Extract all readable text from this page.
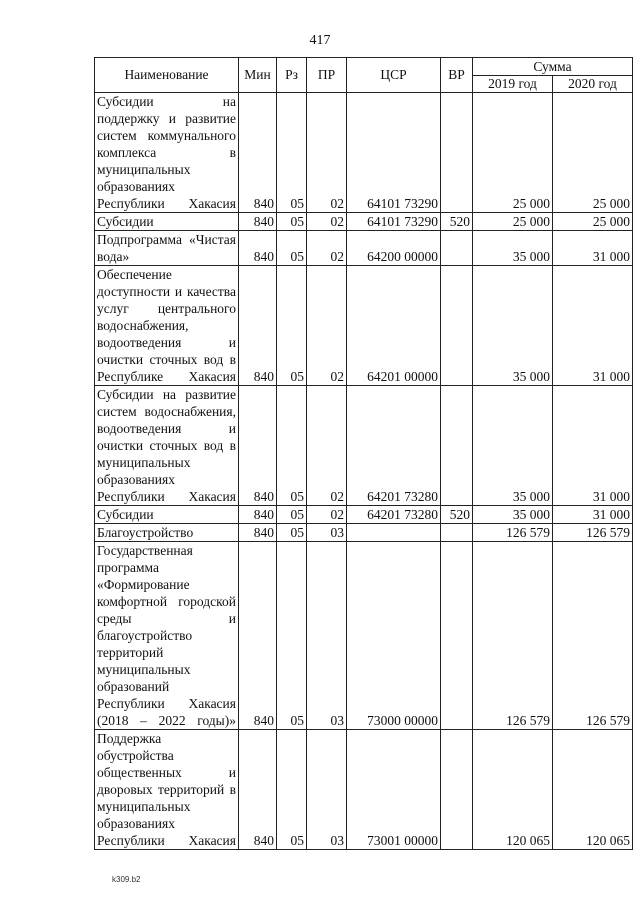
417
Наименование	Мин	Рз	ПР	ЦСР	ВР	Сумма	
						2019 год	2020 год
Субсидии на поддержку и развитие систем коммунального комплекса в муниципальных образованиях Республики Хакасия	840	05	02	64101 73290		25 000	25 000
Субсидии	840	05	02	64101 73290	520	25 000	25 000
Подпрограмма «Чистая вода»	840	05	02	64200 00000		35 000	31 000
Обеспечение доступности и качества услуг центрального водоснабжения, водоотведения и очистки сточных вод в Республике Хакасия	840	05	02	64201 00000		35 000	31 000
Субсидии на развитие систем водоснабжения, водоотведения и очистки сточных вод в муниципальных образованиях Республики Хакасия	840	05	02	64201 73280		35 000	31 000
Субсидии	840	05	02	64201 73280	520	35 000	31 000
Благоустройство	840	05	03			126 579	126 579
Государственная программа «Формирование комфортной городской среды и благоустройство территорий муниципальных образований Республики Хакасия (2018 – 2022 годы)»	840	05	03	73000 00000		126 579	126 579
Поддержка обустройства общественных и дворовых территорий в муниципальных образованиях Республики Хакасия	840	05	03	73001 00000		120 065	120 065
k309.b2
